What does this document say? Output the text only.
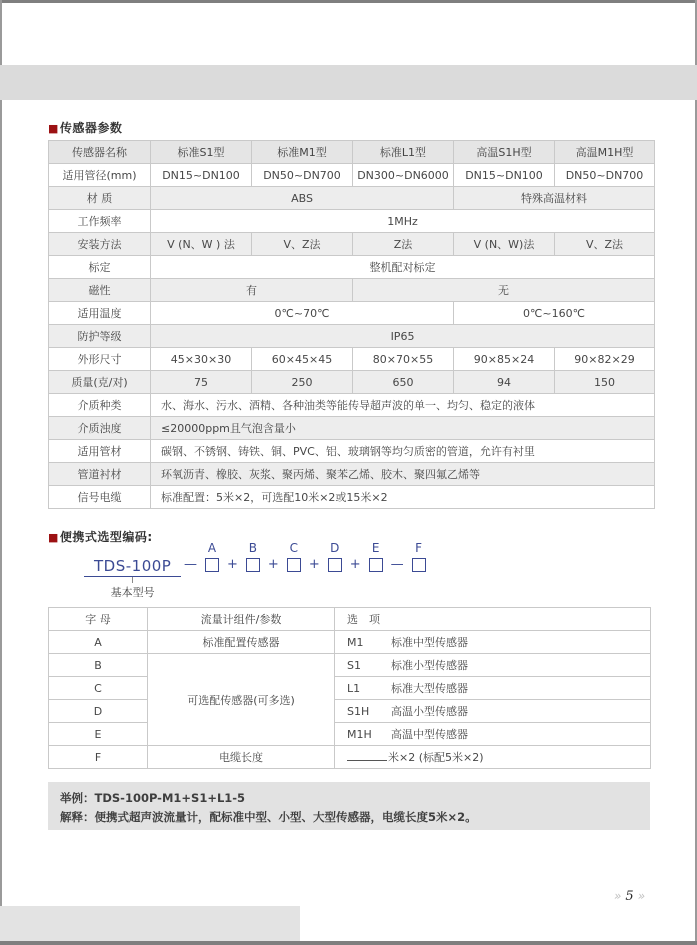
■传感器参数
传感器名称	标准S1型	标准M1型	标准L1型	高温S1H型	高温M1H型
适用管径(mm)	DN15~DN100	DN50~DN700	DN300~DN6000	DN15~DN100	DN50~DN700
材 质	ABS			特殊高温材料	
工作频率	1MHz				
安装方法	V (N、W ) 法	V、Z法	Z法	V (N、W)法	V、Z法
标定	整机配对标定				
磁性	有		无		
适用温度	0℃~70℃			0℃~160℃	
防护等级	IP65				
外形尺寸	45×30×30	60×45×45	80×70×55	90×85×24	90×82×29
质量(克/对)	75	250	650	94	150
介质种类	水、海水、污水、酒精、各种油类等能传导超声波的单一、均匀、稳定的液体				
介质浊度	≤20000ppm且气泡含量小				
适用管材	碳钢、不锈钢、铸铁、铜、PVC、铝、玻璃钢等均匀质密的管道，允许有衬里				
管道衬材	环氧沥青、橡胶、灰浆、聚丙烯、聚苯乙烯、胶木、聚四氟乙烯等				
信号电缆	标准配置：5米×2，可选配10米×2或15米×2				
■便携式选型编码:
TDS-100P
基本型号
—
A
+
B
+
C
+
D
+
E
—
F
字 母	流量计组件/参数	选　项
A	标准配置传感器	M1 标准中型传感器
B	可选配传感器(可多选)	S1 标准小型传感器
C		L1 标准大型传感器
D		S1H 高温小型传感器
E		M1H 高温中型传感器
F	电缆长度	米×2 (标配5米×2)
举例：TDS-100P-M1+S1+L1-5
解释：便携式超声波流量计，配标准中型、小型、大型传感器，电缆长度5米×2。
» 5 »
